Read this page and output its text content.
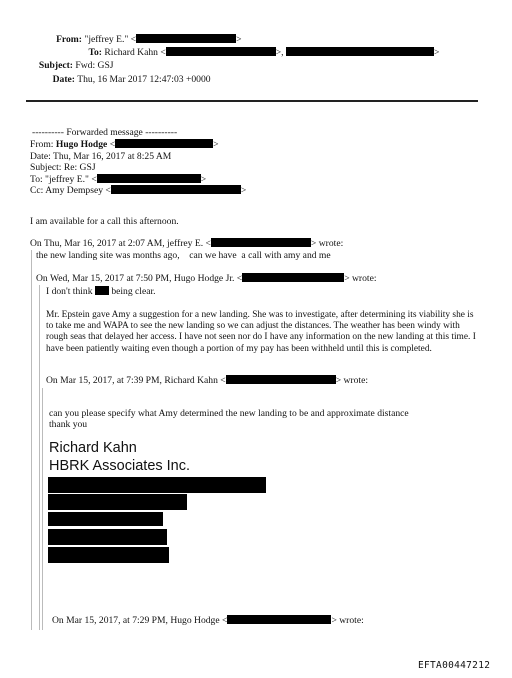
From: "jeffrey E." <	>
To: Richard Kahn <	>,	>
Subject: Fwd: GSJ
Date: Thu, 16 Mar 2017 12:47:03 +0000
---------- Forwarded message ----------
From: Hugo Hodge <	>
Date: Thu, Mar 16, 2017 at 8:25 AM
Subject: Re: GSJ
To: "jeffrey E." <	>
Cc: Amy Dempsey <	>
I am available for a call this afternoon.
On Thu, Mar 16, 2017 at 2:07 AM, jeffrey E. <	> wrote:
the new landing site was months ago,    can we have  a call with amy and me
On Wed, Mar 15, 2017 at 7:50 PM, Hugo Hodge Jr. <	> wrote:
I don't think being clear.
Mr. Epstein gave Amy a suggestion for a new landing. She was to investigate, after determining its viability she is to take me and WAPA to see the new landing so we can adjust the distances. The weather has been windy with rough seas that delayed her access. I have not seen nor do I have any information on the new landing at this time. I have been patiently waiting even though a portion of my pay has been withheld until this is completed.
On Mar 15, 2017, at 7:39 PM, Richard Kahn <	> wrote:
can you please specify what Amy determined the new landing to be and approximate distance
thank you
Richard Kahn
HBRK Associates Inc.
On Mar 15, 2017, at 7:29 PM, Hugo Hodge <	> wrote:
EFTA00447212
